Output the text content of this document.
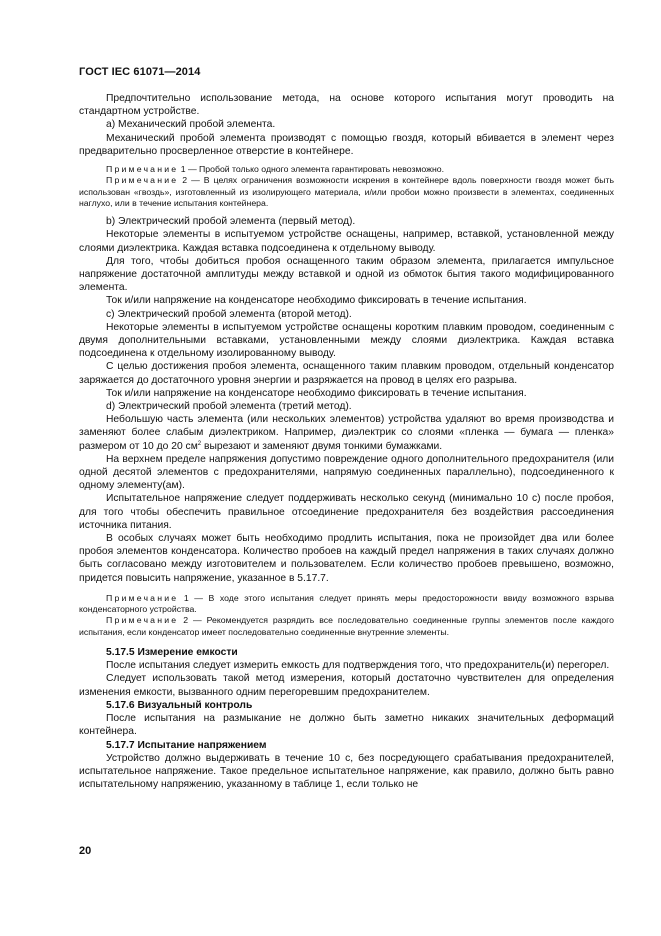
ГОСТ IEC 61071—2014

Предпочтительно использование метода, на основе которого испытания могут проводить на стандартном устройстве.

а) Механический пробой элемента.

Механический пробой элемента производят с помощью гвоздя, который вбивается в элемент через предварительно просверленное отверстие в контейнере.

Примечание 1 — Пробой только одного элемента гарантировать невозможно.

Примечание 2 — В целях ограничения возможности искрения в контейнере вдоль поверхности гвоздя может быть использован «гвоздь», изготовленный из изолирующего материала, и/или пробои можно произвести в элементах, соединенных наглухо, или в течение испытания контейнера.

b) Электрический пробой элемента (первый метод).

Некоторые элементы в испытуемом устройстве оснащены, например, вставкой, установленной между слоями диэлектрика. Каждая вставка подсоединена к отдельному выводу.

Для того, чтобы добиться пробоя оснащенного таким образом элемента, прилагается импульсное напряжение достаточной амплитуды между вставкой и одной из обмоток бытия такого модифицированного элемента.

Ток и/или напряжение на конденсаторе необходимо фиксировать в течение испытания.

с) Электрический пробой элемента (второй метод).

Некоторые элементы в испытуемом устройстве оснащены коротким плавким проводом, соединенным с двумя дополнительными вставками, установленными между слоями диэлектрика. Каждая вставка подсоединена к отдельному изолированному выводу.

С целью достижения пробоя элемента, оснащенного таким плавким проводом, отдельный конденсатор заряжается до достаточного уровня энергии и разряжается на провод в целях его разрыва.

Ток и/или напряжение на конденсаторе необходимо фиксировать в течение испытания.

d) Электрический пробой элемента (третий метод).

Небольшую часть элемента (или нескольких элементов) устройства удаляют во время производства и заменяют более слабым диэлектриком. Например, диэлектрик со слоями «пленка — бумага — пленка» размером от 10 до 20 $см^2$ вырезают и заменяют двумя тонкими бумажками.

На верхнем пределе напряжения допустимо повреждение одного дополнительного предохранителя (или одной десятой элементов с предохранителями, напрямую соединенных параллельно), подсоединенного к одному элементу(ам).

Испытательное напряжение следует поддерживать несколько секунд (минимально 10 с) после пробоя, для того чтобы обеспечить правильное отсоединение предохранителя без воздействия рассоединения источника питания.

В особых случаях может быть необходимо продлить испытания, пока не произойдет два или более пробоя элементов конденсатора. Количество пробоев на каждый предел напряжения в таких случаях должно быть согласовано между изготовителем и пользователем. Если количество пробоев превышено, возможно, придется повысить напряжение, указанное в 5.17.7.

Примечание 1 — В ходе этого испытания следует принять меры предосторожности ввиду возможного взрыва конденсаторного устройства.

Примечание 2 — Рекомендуется разрядить все последовательно соединенные группы элементов после каждого испытания, если конденсатор имеет последовательно соединенные внутренние элементы.

5.17.5 Измерение емкости

После испытания следует измерить емкость для подтверждения того, что предохранитель(и) перегорел.

Следует использовать такой метод измерения, который достаточно чувствителен для определения изменения емкости, вызванного одним перегоревшим предохранителем.

5.17.6 Визуальный контроль

После испытания на размыкание не должно быть заметно никаких значительных деформаций контейнера.

5.17.7 Испытание напряжением

Устройство должно выдерживать в течение 10 с, без посредующего срабатывания предохранителей, испытательное напряжение. Такое предельное испытательное напряжение, как правило, должно быть равно испытательному напряжению, указанному в таблице 1, если только не

20
